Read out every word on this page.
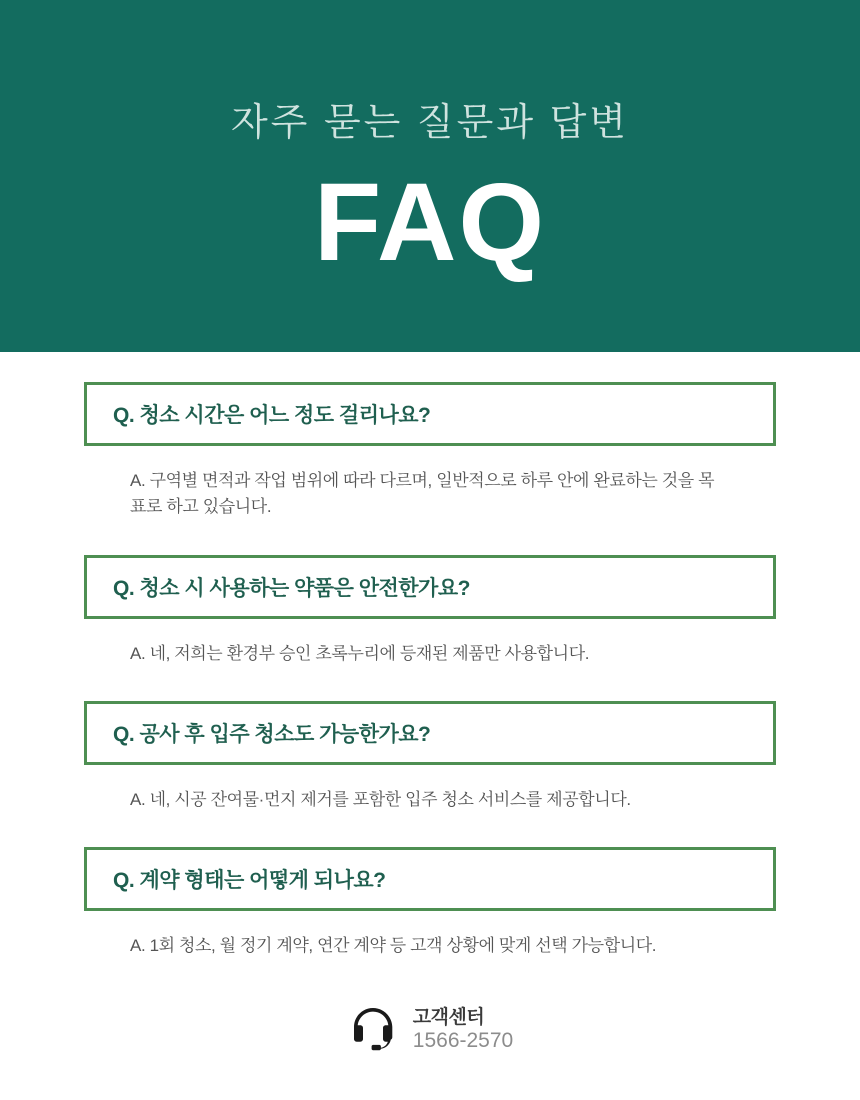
자주 묻는 질문과 답변
FAQ
Q. 청소 시간은 어느 정도 걸리나요?
A. 구역별 면적과 작업 범위에 따라 다르며, 일반적으로 하루 안에 완료하는 것을 목표로 하고 있습니다.
Q. 청소 시 사용하는 약품은 안전한가요?
A. 네, 저희는 환경부 승인 초록누리에 등재된 제품만 사용합니다.
Q. 공사 후 입주 청소도 가능한가요?
A. 네, 시공 잔여물·먼지 제거를 포함한 입주 청소 서비스를 제공합니다.
Q. 계약 형태는 어떻게 되나요?
A. 1회 청소, 월 정기 계약, 연간 계약 등 고객 상황에 맞게 선택 가능합니다.
고객센터
1566-2570
